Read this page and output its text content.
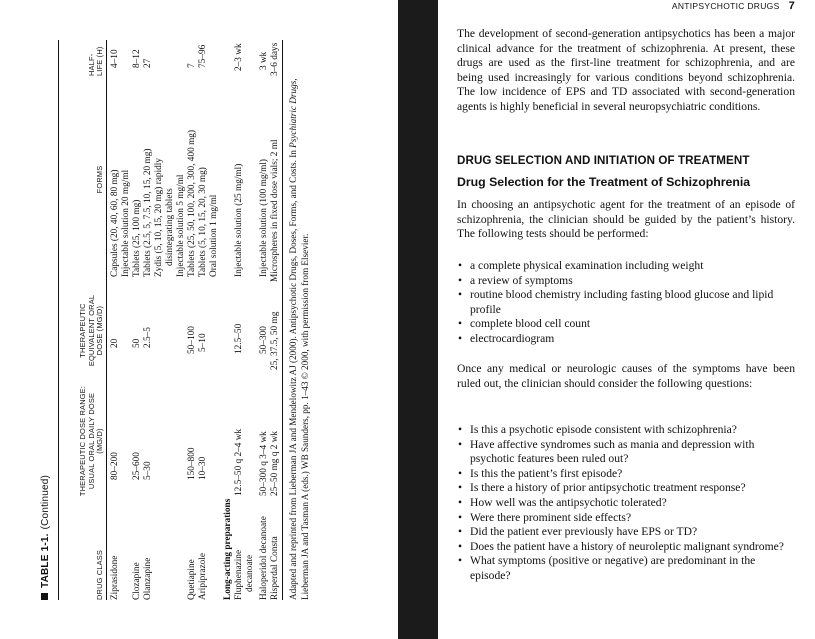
TABLE 1-1.(Continued)
DRUG CLASS
THERAPEUTIC DOSE RANGE: USUAL ORAL DAILY DOSE (MG/D)
THERAPEUTIC EQUIVALENT ORAL DOSE (MG/D)
FORMS
HALF-LIFE (H)
Ziprasidone
80–200
20
Capsules (20, 40, 60, 80 mg)
4–10
Injectable solution 20 mg/ml
Clozapine
25–600
50
Tablets (25, 100 mg)
8–12
Olanzapine
5–30
2.5–5
Tablets (2.5, 5, 7.5, 10, 15, 20 mg)
27
Zydis (5, 10, 15, 20 mg) rapidly disintegrating tablets Injectable solution 5 mg/ml
Quetiapine
150–800
50–100
Tablets (25, 50, 100, 200, 300, 400 mg)
7
Aripiprazole
10–30
5–10
Tablets (5, 10, 15, 20, 30 mg)
75–96
Oral solution 1 mg/ml
Long-acting preparations Fluphenazine
12.5–50 q 2–4 wk
12.5–50
Injectable solution (25 mg/ml)
2–3 wk
decanoate Haloperidol decanoate
50–300 q 3–4 wk
50–300
Injectable solution (100 mg/ml)
3 wk
Risperdal Consta
25–50 mg q 2 wk
25, 37.5, 50 mg
Microspheres in fixed dose vials; 2 ml
3–6 days
Adapted and reprinted from Lieberman JA and Mendelowitz AJ (2000). Antipsychotic Drugs, Doses, Forms, and Costs. In Psychiatric Drugs, Lieberman JA and Tasman A (eds.) WB Saunders, pp. 1–43 © 2000, with permission from Elsevier.
ANTIPSYCHOTIC DRUGS 7

The development of second-generation antipsychotics has been a major clinical advance for the treatment of schizophrenia. At present, these drugs are used as the first-line treatment for schizophrenia, and are being used increasingly for various conditions beyond schizophrenia. The low incidence of EPS and TD associated with second-generation agents is highly beneficial in several neuropsychiatric conditions.

DRUG SELECTION AND INITIATION OF TREATMENT
Drug Selection for the Treatment of Schizophrenia

In choosing an antipsychotic agent for the treatment of an episode of schizophrenia, the clinician should be guided by the patient’s history. The following tests should be performed:

• a complete physical examination including weight
• a review of symptoms
• routine blood chemistry including fasting blood glucose and lipid profile
• complete blood cell count
• electrocardiogram

Once any medical or neurologic causes of the symptoms have been ruled out, the clinician should consider the following questions:

• Is this a psychotic episode consistent with schizophrenia?
• Have affective syndromes such as mania and depression with psychotic features been ruled out?
• Is this the patient’s first episode?
• Is there a history of prior antipsychotic treatment response?
• How well was the antipsychotic tolerated?
• Were there prominent side effects?
• Did the patient ever previously have EPS or TD?
• Does the patient have a history of neuroleptic malignant syndrome?
• What symptoms (positive or negative) are predominant in the episode?
